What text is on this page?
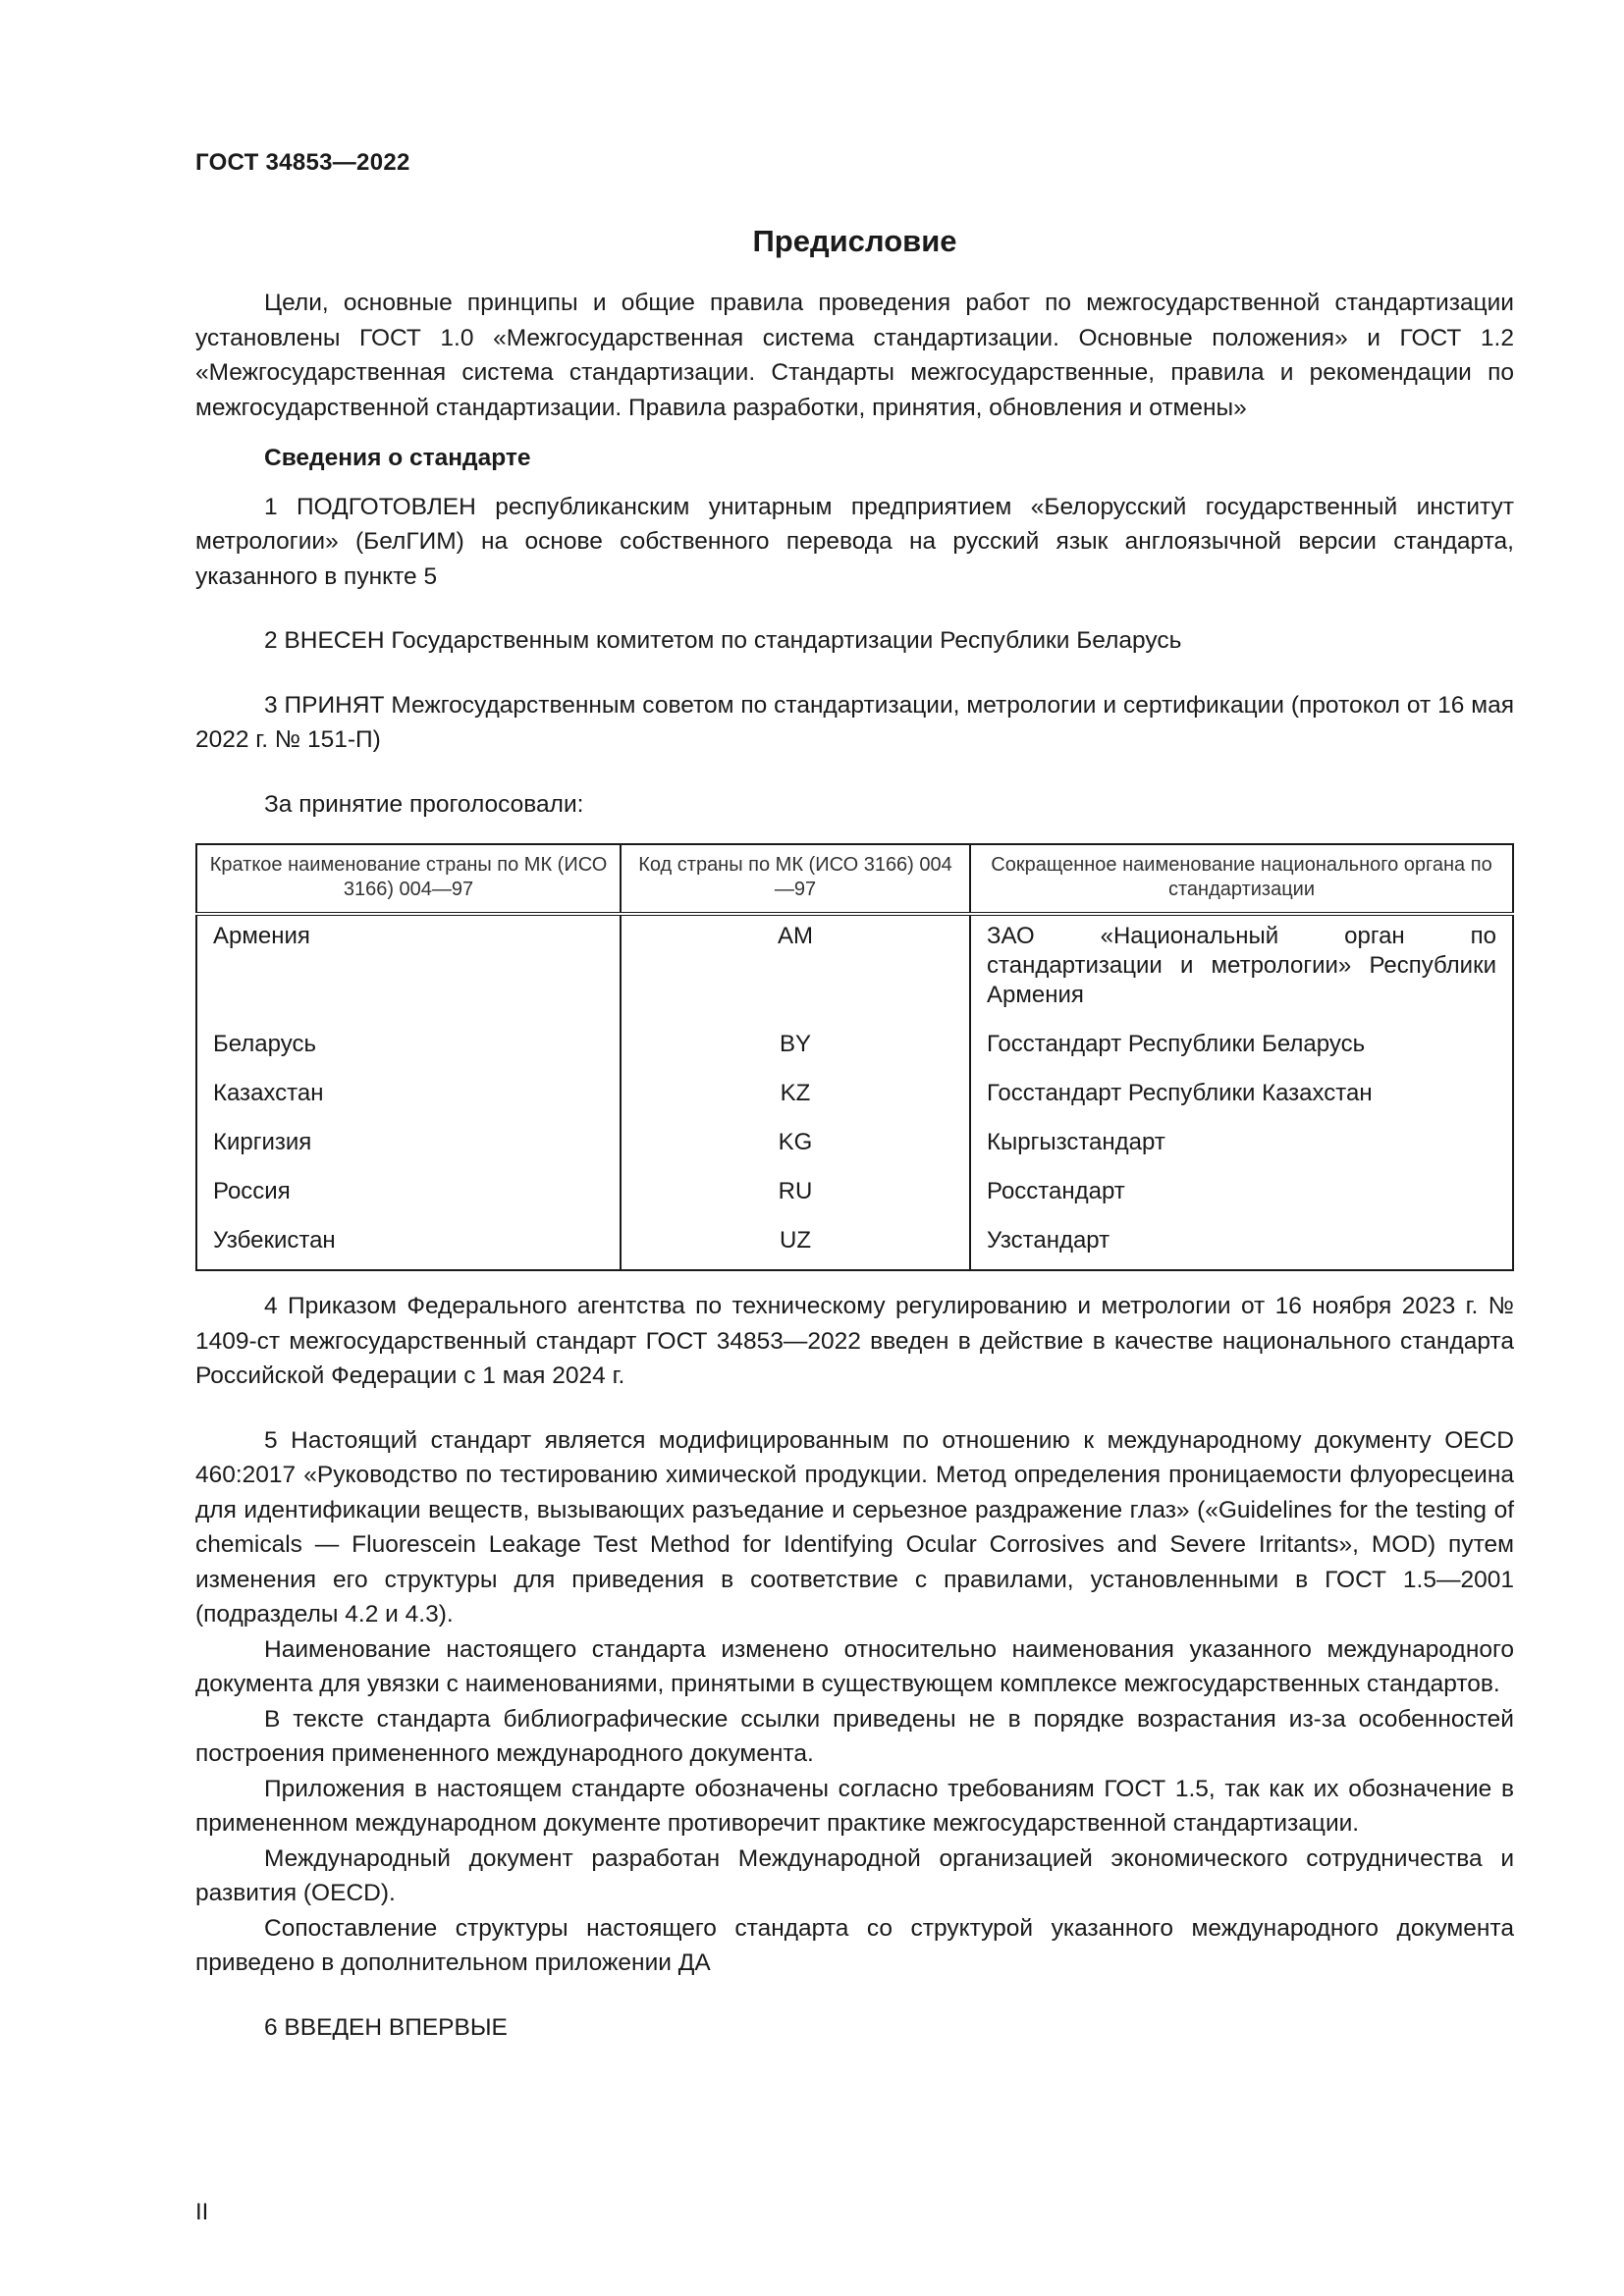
ГОСТ 34853—2022
Предисловие

Цели, основные принципы и общие правила проведения работ по межгосударственной стандартизации установлены ГОСТ 1.0 «Межгосударственная система стандартизации. Основные положения» и ГОСТ 1.2 «Межгосударственная система стандартизации. Стандарты межгосударственные, правила и рекомендации по межгосударственной стандартизации. Правила разработки, принятия, обновления и отмены»

Сведения о стандарте

1 ПОДГОТОВЛЕН республиканским унитарным предприятием «Белорусский государственный институт метрологии» (БелГИМ) на основе собственного перевода на русский язык англоязычной версии стандарта, указанного в пункте 5

2 ВНЕСЕН Государственным комитетом по стандартизации Республики Беларусь

3 ПРИНЯТ Межгосударственным советом по стандартизации, метрологии и сертификации (протокол от 16 мая 2022 г. № 151-П)

За принятие проголосовали:

Краткое наименование страны по МК (ИСО 3166) 004—97	Код страны по МК (ИСО 3166) 004—97	Сокращенное наименование национального органа по стандартизации
Армения	AM	ЗАО «Национальный орган по стандартизации и метрологии» Республики Армения
Беларусь	BY	Госстандарт Республики Беларусь
Казахстан	KZ	Госстандарт Республики Казахстан
Киргизия	KG	Кыргызстандарт
Россия	RU	Росстандарт
Узбекистан	UZ	Узстандарт

4 Приказом Федерального агентства по техническому регулированию и метрологии от 16 ноября 2023 г. № 1409-ст межгосударственный стандарт ГОСТ 34853—2022 введен в действие в качестве национального стандарта Российской Федерации с 1 мая 2024 г.

5 Настоящий стандарт является модифицированным по отношению к международному документу OECD 460:2017 «Руководство по тестированию химической продукции. Метод определения проницаемости флуоресцеина для идентификации веществ, вызывающих разъедание и серьезное раздражение глаз» («Guidelines for the testing of chemicals — Fluorescein Leakage Test Method for Identifying Ocular Corrosives and Severe Irritants», MOD) путем изменения его структуры для приведения в соответствие с правилами, установленными в ГОСТ 1.5—2001 (подразделы 4.2 и 4.3).

Наименование настоящего стандарта изменено относительно наименования указанного международного документа для увязки с наименованиями, принятыми в существующем комплексе межгосударственных стандартов.

В тексте стандарта библиографические ссылки приведены не в порядке возрастания из-за особенностей построения примененного международного документа.

Приложения в настоящем стандарте обозначены согласно требованиям ГОСТ 1.5, так как их обозначение в примененном международном документе противоречит практике межгосударственной стандартизации.

Международный документ разработан Международной организацией экономического сотрудничества и развития (OECD).

Сопоставление структуры настоящего стандарта со структурой указанного международного документа приведено в дополнительном приложении ДА

6 ВВЕДЕН ВПЕРВЫЕ

II
